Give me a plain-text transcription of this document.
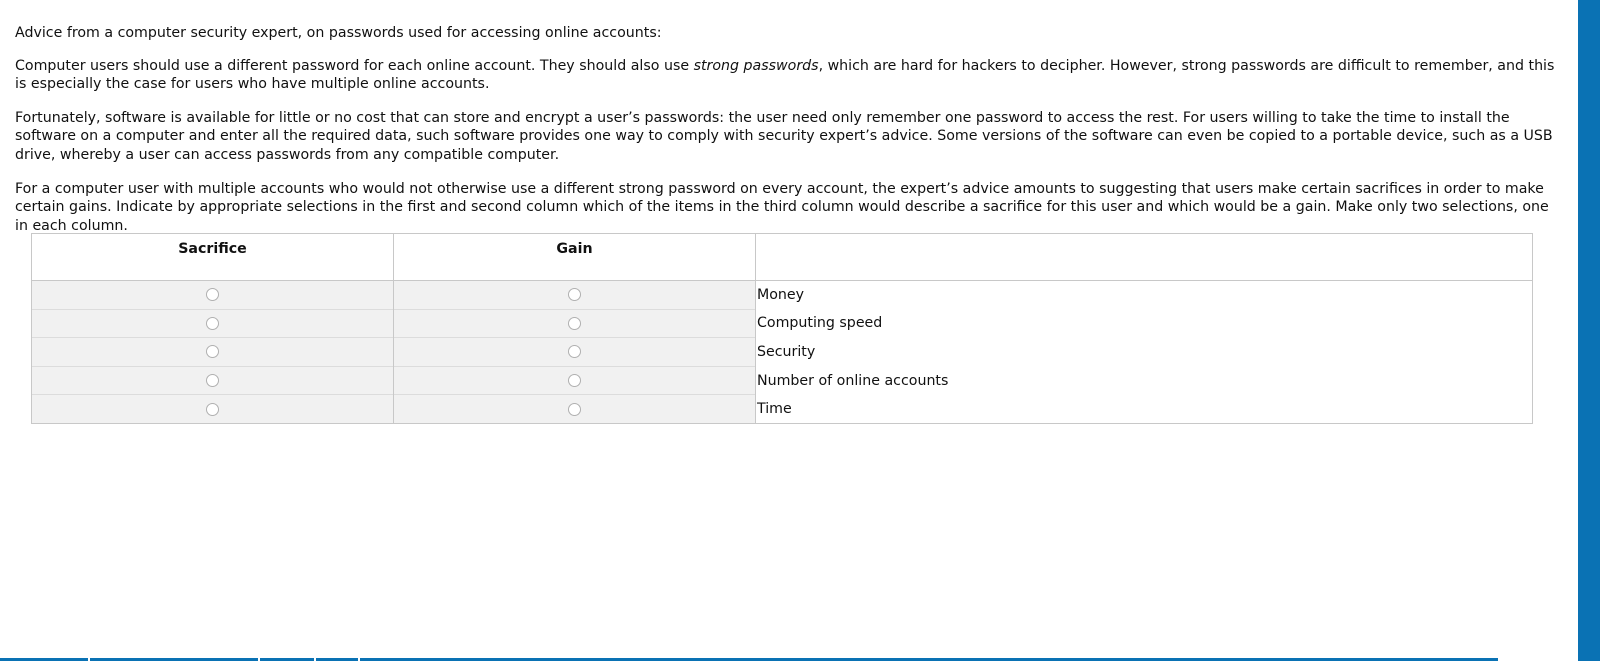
Advice from a computer security expert, on passwords used for accessing online accounts:

Computer users should use a different password for each online account. They should also use strong passwords, which are hard for hackers to decipher. However, strong passwords are difficult to remember, and this is especially the case for users who have multiple online accounts.

Fortunately, software is available for little or no cost that can store and encrypt a user’s passwords: the user need only remember one password to access the rest. For users willing to take the time to install the software on a computer and enter all the required data, such software provides one way to comply with security expert’s advice. Some versions of the software can even be copied to a portable device, such as a USB drive, whereby a user can access passwords from any compatible computer.

For a computer user with multiple accounts who would not otherwise use a different strong password on every account, the expert’s advice amounts to suggesting that users make certain sacrifices in order to make certain gains. Indicate by appropriate selections in the first and second column which of the items in the third column would describe a sacrifice for this user and which would be a gain. Make only two selections, one in each column.

Sacrifice	Gain	
		Money
		Computing speed
		Security
		Number of online accounts
		Time
